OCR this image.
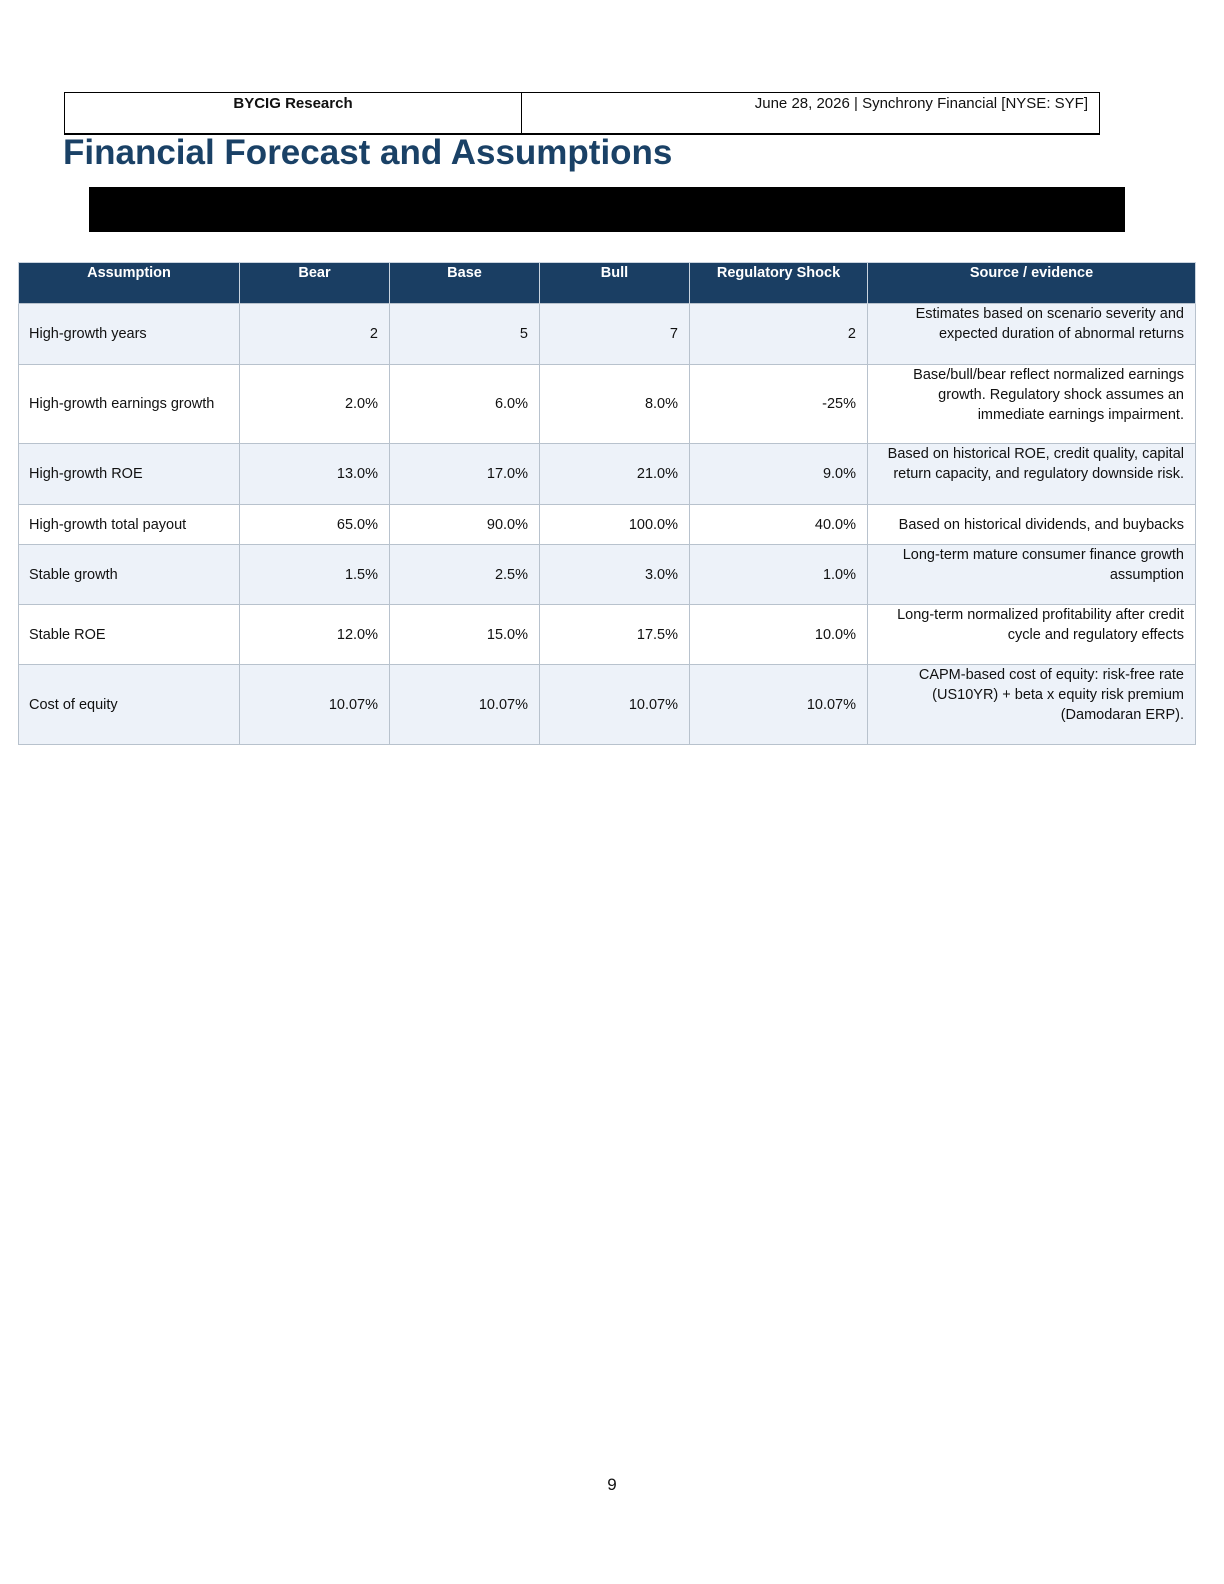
BYCIG Research	June 28, 2026 | Synchrony Financial [NYSE: SYF]
Financial Forecast and Assumptions
Assumption	Bear	Base	Bull	Regulatory Shock	Source / evidence
High-growth years	2	5	7	2	Estimates based on scenario severity and expected duration of abnormal returns
High-growth earnings growth	2.0%	6.0%	8.0%	-25%	Base/bull/bear reflect normalized earnings growth. Regulatory shock assumes an immediate earnings impairment.
High-growth ROE	13.0%	17.0%	21.0%	9.0%	Based on historical ROE, credit quality, capital return capacity, and regulatory downside risk.
High-growth total payout	65.0%	90.0%	100.0%	40.0%	Based on historical dividends, and buybacks
Stable growth	1.5%	2.5%	3.0%	1.0%	Long-term mature consumer finance growth assumption
Stable ROE	12.0%	15.0%	17.5%	10.0%	Long-term normalized profitability after credit cycle and regulatory effects
Cost of equity	10.07%	10.07%	10.07%	10.07%	CAPM-based cost of equity: risk-free rate (US10YR) + beta x equity risk premium (Damodaran ERP).
9
